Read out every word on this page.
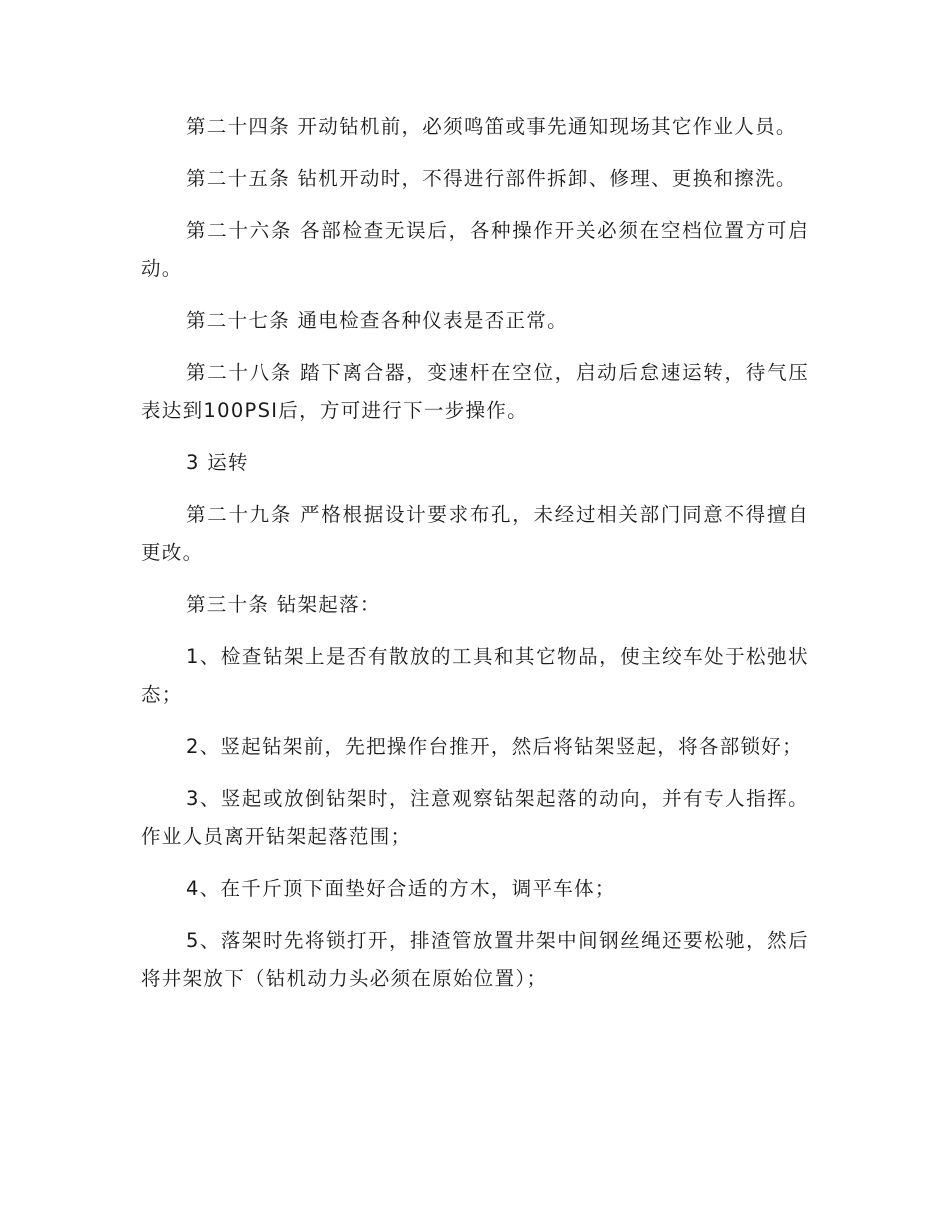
第二十四条 开动钻机前，必须鸣笛或事先通知现场其它作业人员。

第二十五条 钻机开动时，不得进行部件拆卸、修理、更换和擦洗。

第二十六条 各部检查无误后，各种操作开关必须在空档位置方可启动。

第二十七条 通电检查各种仪表是否正常。

第二十八条 踏下离合器，变速杆在空位，启动后怠速运转，待气压表达到100PSI后，方可进行下一步操作。

3 运转

第二十九条 严格根据设计要求布孔，未经过相关部门同意不得擅自更改。

第三十条 钻架起落：

1、检查钻架上是否有散放的工具和其它物品，使主绞车处于松弛状态；

2、竖起钻架前，先把操作台推开，然后将钻架竖起，将各部锁好；

3、竖起或放倒钻架时，注意观察钻架起落的动向，并有专人指挥。作业人员离开钻架起落范围；

4、在千斤顶下面垫好合适的方木，调平车体；

5、落架时先将锁打开，排渣管放置井架中间钢丝绳还要松驰，然后将井架放下（钻机动力头必须在原始位置）；
